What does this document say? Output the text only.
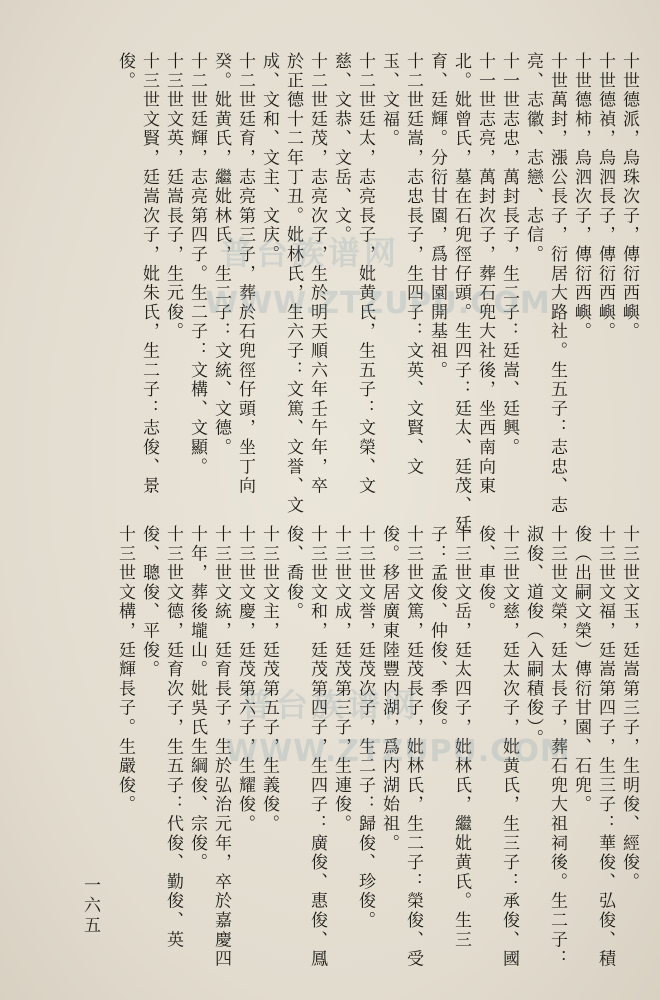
十世德派，烏珠次子，傳衍西嶼。
十世德禎，烏泗長子，傳衍西嶼。
十世德柿，烏泗次子，傳衍西嶼。
十世萬封，漲公長子，衍居大路社。生五子：志忠、志
亮、志徽、志戀、志信。
十一世志忠，萬封長子，生二子：廷嵩、廷興。
十一世志亮，萬封次子，葬石兜大社後，坐西南向東
北。妣曾氏，墓在石兜徑仔頭。生四子：廷太、廷茂、廷
育、廷輝。分衍甘園，爲甘園開基祖。
十二世廷嵩，志忠長子，生四子：文英、文賢、文
玉、文福。
十二世廷太，志亮長子，妣黄氏，生五子：文榮、文
慈、文恭、文岳、文。
十二世廷茂，志亮次子，生於明天順六年壬午年，卒
於正德十二年丁丑。妣林氏，生六子：文篤、文誉、文
成、文和、文主、文庆。
十二世廷育，志亮第三子，葬於石兜徑仔頭，坐丁向
癸。妣黄氏，繼妣林氏，生二子：文統、文德。
十二世廷輝，志亮第四子。生二子：文構、文顯。
十三世文英，廷嵩長子，生元俊。
十三世文賢，廷嵩次子，妣朱氏，生二子：志俊、景
俊。
十三世文玉，廷嵩第三子，生明俊、經俊。
十三世文福，廷嵩第四子，生三子：華俊、弘俊、積
俊（出嗣文榮）傳衍甘園、石兜。
十三世文榮，廷太長子，葬石兜大祖祠後。生二子：
淑俊、道俊（入嗣積俊）。
十三世文慈，廷太次子，妣黄氏，生三子：承俊、國
俊、車俊。
十三世文岳，廷太四子，妣林氏，繼妣黄氏。生三
子：孟俊、仲俊、季俊。
十三世文篤，廷茂長子，妣林氏，生二子：榮俊、受
俊。移居廣東陸豐内湖，爲内湖始祖。
十三世文誉，廷茂次子，生二子：歸俊、珍俊。
十三世文成，廷茂第三子，生連俊。
十三世文和，廷茂第四子，生四子：廣俊、惠俊、鳳
俊、喬俊。
十三世文主，廷茂第五子，生義俊。
十三世文慶，廷茂第六子，生耀俊。
十三世文統，廷育長子，生於弘治元年，卒於嘉慶四
十年，葬後壠山。妣吳氏生綱俊、宗俊。
十三世文德，廷育次子，生五子：代俊、勤俊、英
俊、聰俊、平俊。
十三世文構，廷輝長子。生嚴俊。
一六五
普台族谱网
WWW.ZTZUPU.COM
普台族谱网
WWW.ZTZUPU.COM
